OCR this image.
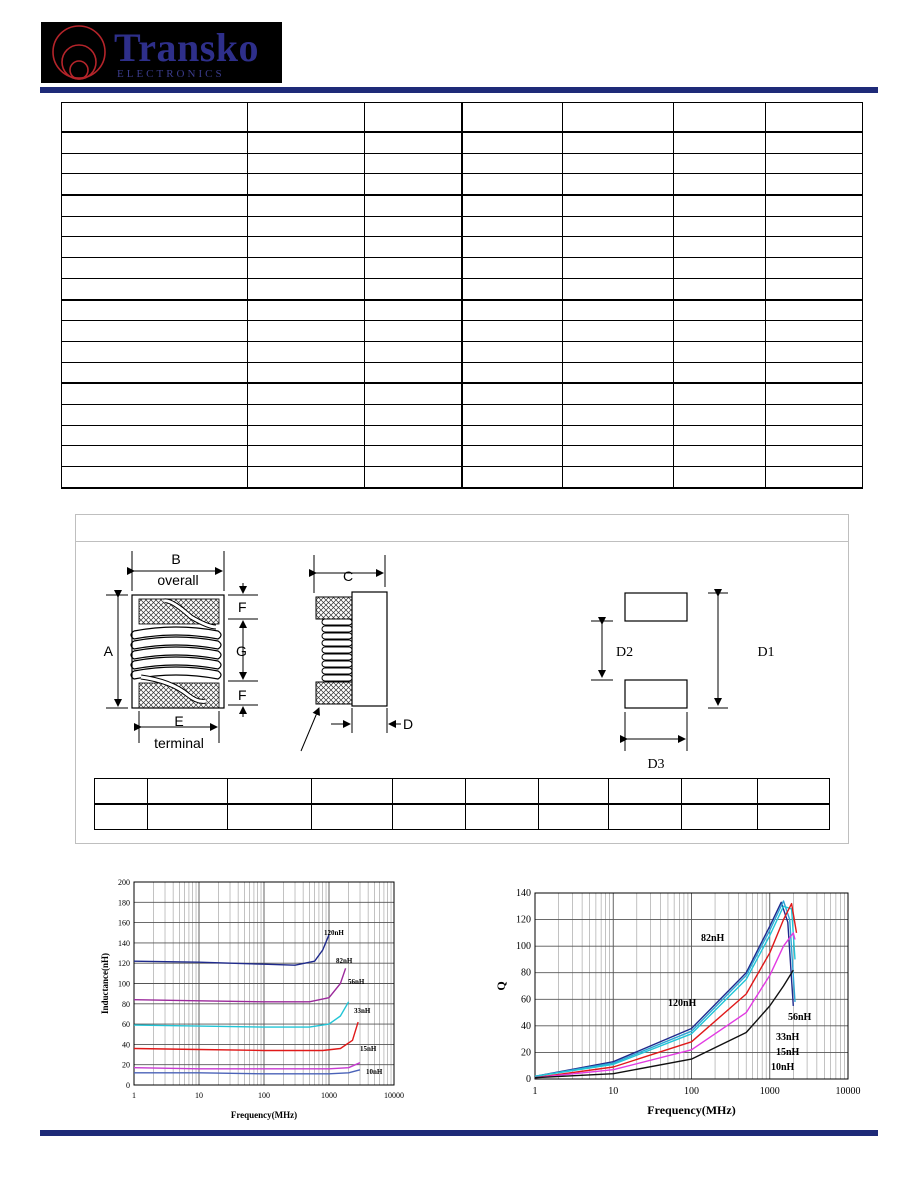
Transko
ELECTRONICS

B
overall
A
E
terminal
F
G
F
C
D
D2	D1
D3

1	10	100	1000	10000
0
20
40
60
80
100
120
140
160
180
200
120nH
82nH
56nH
33nH
15nH
10nH
Frequency(MHz)
Inductance(nH)
1	10	100	1000	10000
0
20
40
60
80
100
120
140
82nH
120nH
56nH
33nH
15nH
10nH
Frequency(MHz)
Q
